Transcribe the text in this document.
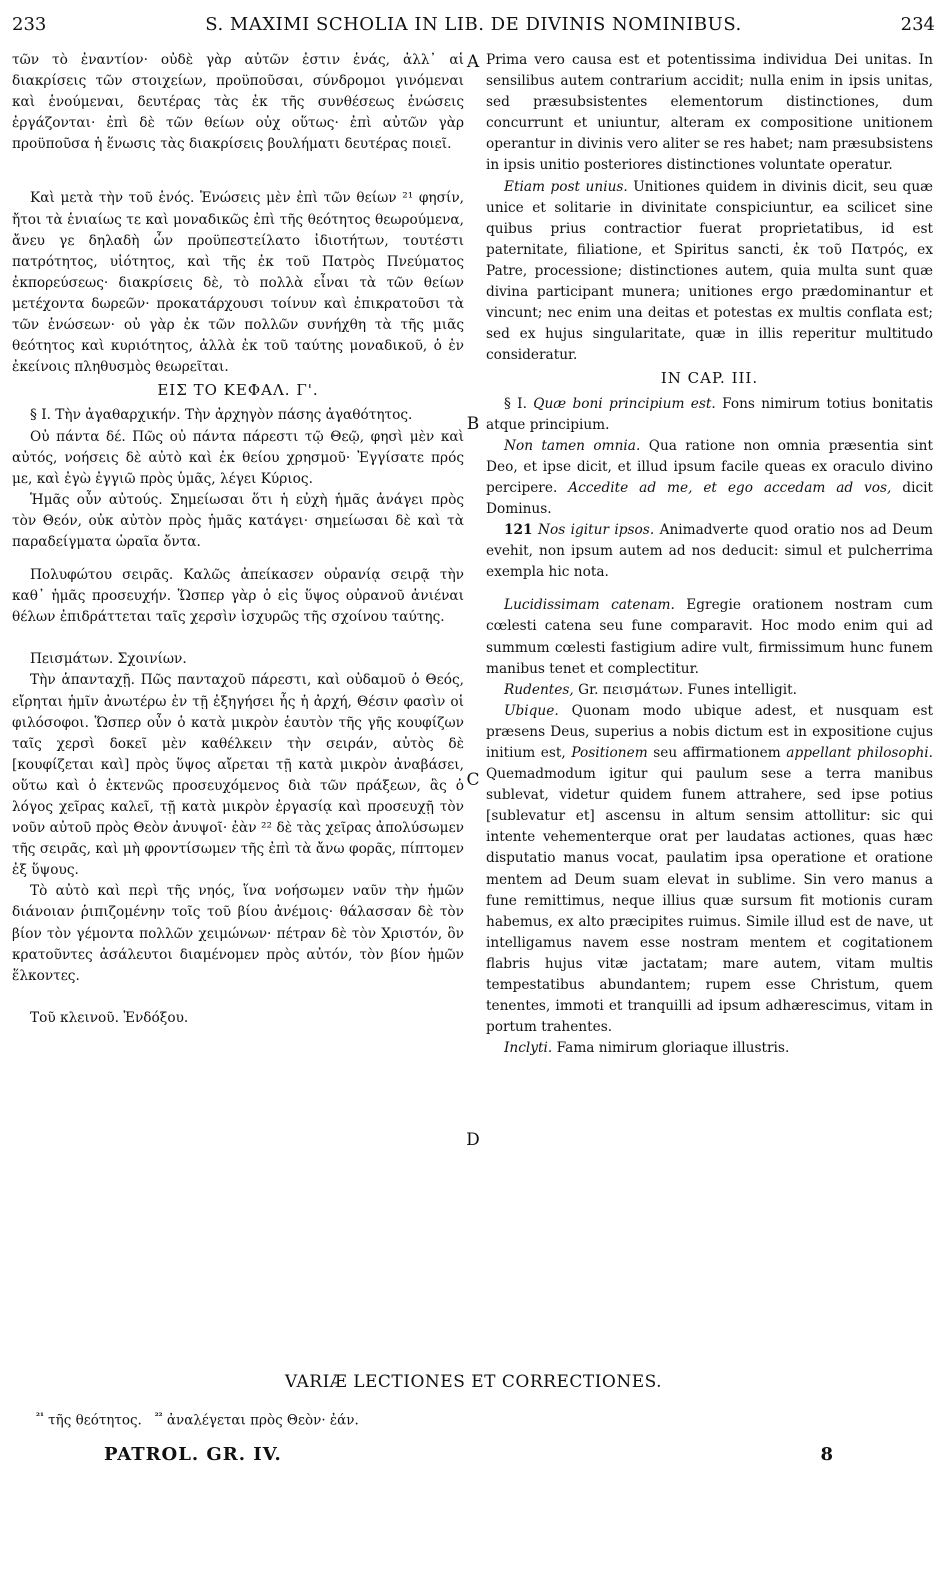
233	S. MAXIMI SCHOLIA IN LIB. DE DIVINIS NOMINIBUS.	234

τῶν τὸ ἐναντίον· οὐδὲ γὰρ αὐτῶν ἐστιν ἑνάς, ἀλλ᾿ αἱ διακρίσεις τῶν στοιχείων, προϋποῦσαι, σύνδρομοι γινόμεναι καὶ ἑνούμεναι, δευτέρας τὰς ἐκ τῆς συνθέσεως ἑνώσεις ἐργάζονται· ἐπὶ δὲ τῶν θείων οὐχ οὕτως· ἐπὶ αὐτῶν γὰρ προϋποῦσα ἡ ἕνωσις τὰς διακρίσεις βουλήματι δευτέρας ποιεῖ.

Καὶ μετὰ τὴν τοῦ ἑνός. Ἑνώσεις μὲν ἐπὶ τῶν θείων ²¹ φησίν, ἤτοι τὰ ἑνιαίως τε καὶ μοναδικῶς ἐπὶ τῆς θεότητος θεωρούμενα, ἄνευ γε δηλαδὴ ὧν προϋπεστείλατο ἰδιοτήτων, τουτέστι πατρότητος, υἱότητος, καὶ τῆς ἐκ τοῦ Πατρὸς Πνεύματος ἐκπορεύσεως· διακρίσεις δὲ, τὸ πολλὰ εἶναι τὰ τῶν θείων μετέχοντα δωρεῶν· προκατάρχουσι τοίνυν καὶ ἐπικρατοῦσι τὰ τῶν ἑνώσεων· οὐ γὰρ ἐκ τῶν πολλῶν συνήχθη τὰ τῆς μιᾶς θεότητος καὶ κυριότητος, ἀλλὰ ἐκ τοῦ ταύτης μοναδικοῦ, ὁ ἐν ἐκείνοις πληθυσμὸς θεωρεῖται.

ΕΙΣ ΤΟ ΚΕΦΑΛ. Γ'.

§ Ι. Τὴν ἀγαθαρχικήν. Τὴν ἀρχηγὸν πάσης ἀγαθότητος.

Οὐ πάντα δέ. Πῶς οὐ πάντα πάρεστι τῷ Θεῷ, φησὶ μὲν καὶ αὐτός, νοήσεις δὲ αὐτὸ καὶ ἐκ θείου χρησμοῦ· Ἐγγίσατε πρός με, καὶ ἐγὼ ἐγγιῶ πρὸς ὑμᾶς, λέγει Κύριος.

Ἡμᾶς οὖν αὐτούς. Σημείωσαι ὅτι ἡ εὐχὴ ἡμᾶς ἀνάγει πρὸς τὸν Θεόν, οὐκ αὐτὸν πρὸς ἡμᾶς κατάγει· σημείωσαι δὲ καὶ τὰ παραδείγματα ὡραῖα ὄντα.

Πολυφώτου σειρᾶς. Καλῶς ἀπείκασεν οὐρανίᾳ σειρᾷ τὴν καθ᾿ ἡμᾶς προσευχήν. Ὥσπερ γὰρ ὁ εἰς ὕψος οὐρανοῦ ἀνιέναι θέλων ἐπιδράττεται ταῖς χερσὶν ἰσχυρῶς τῆς σχοίνου ταύτης.

Πεισμάτων. Σχοινίων.

Τὴν ἁπανταχῇ. Πῶς πανταχοῦ πάρεστι, καὶ οὐδαμοῦ ὁ Θεός, εἴρηται ἡμῖν ἀνωτέρω ἐν τῇ ἐξηγήσει ἧς ἡ ἀρχή, Θέσιν φασὶν οἱ φιλόσοφοι. Ὥσπερ οὖν ὁ κατὰ μικρὸν ἑαυτὸν τῆς γῆς κουφίζων ταῖς χερσὶ δοκεῖ μὲν καθέλκειν τὴν σειράν, αὐτὸς δὲ [κουφίζεται καὶ] πρὸς ὕψος αἴρεται τῇ κατὰ μικρὸν ἀναβάσει, οὕτω καὶ ὁ ἐκτενῶς προσευχόμενος διὰ τῶν πράξεων, ἃς ὁ λόγος χεῖρας καλεῖ, τῇ κατὰ μικρὸν ἐργασίᾳ καὶ προσευχῇ τὸν νοῦν αὐτοῦ πρὸς Θεὸν ἀνυψοῖ· ἐὰν ²² δὲ τὰς χεῖρας ἀπολύσωμεν τῆς σειρᾶς, καὶ μὴ φροντίσωμεν τῆς ἐπὶ τὰ ἄνω φορᾶς, πίπτομεν ἐξ ὕψους.

Τὸ αὐτὸ καὶ περὶ τῆς νηός, ἵνα νοήσωμεν ναῦν τὴν ἡμῶν διάνοιαν ῥιπιζομένην τοῖς τοῦ βίου ἀνέμοις· θάλασσαν δὲ τὸν βίον τὸν γέμοντα πολλῶν χειμώνων· πέτραν δὲ τὸν Χριστόν, ὃν κρατοῦντες ἀσάλευτοι διαμένομεν πρὸς αὐτόν, τὸν βίον ἡμῶν ἕλκοντες.

Τοῦ κλεινοῦ. Ἐνδόξου.

A
B
C
D

Prima vero causa est et potentissima individua Dei unitas. In sensilibus autem contrarium accidit; nulla enim in ipsis unitas, sed præsubsistentes elementorum distinctiones, dum concurrunt et uniuntur, alteram ex compositione unitionem operantur in divinis vero aliter se res habet; nam præsubsistens in ipsis unitio posteriores distinctiones voluntate operatur.

Etiam post unius. Unitiones quidem in divinis dicit, seu quæ unice et solitarie in divinitate conspiciuntur, ea scilicet sine quibus prius contractior fuerat proprietatibus, id est paternitate, filiatione, et Spiritus sancti, ἐκ τοῦ Πατρός, ex Patre, processione; distinctiones autem, quia multa sunt quæ divina participant munera; unitiones ergo prædominantur et vincunt; nec enim una deitas et potestas ex multis conflata est; sed ex hujus singularitate, quæ in illis reperitur multitudo consideratur.

IN CAP. III.

§ I. Quæ boni principium est. Fons nimirum totius bonitatis atque principium.

Non tamen omnia. Qua ratione non omnia præsentia sint Deo, et ipse dicit, et illud ipsum facile queas ex oraculo divino percipere. Accedite ad me, et ego accedam ad vos, dicit Dominus.

121 Nos igitur ipsos. Animadverte quod oratio nos ad Deum evehit, non ipsum autem ad nos deducit: simul et pulcherrima exempla hic nota.

Lucidissimam catenam. Egregie orationem nostram cum cœlesti catena seu fune comparavit. Hoc modo enim qui ad summum cœlesti fastigium adire vult, firmissimum hunc funem manibus tenet et complectitur.

Rudentes, Gr. πεισμάτων. Funes intelligit.

Ubique. Quonam modo ubique adest, et nusquam est præsens Deus, superius a nobis dictum est in expositione cujus initium est, Positionem seu affirmationem appellant philosophi. Quemadmodum igitur qui paulum sese a terra manibus sublevat, videtur quidem funem attrahere, sed ipse potius [sublevatur et] ascensu in altum sensim attollitur: sic qui intente vehementerque orat per laudatas actiones, quas hæc disputatio manus vocat, paulatim ipsa operatione et oratione mentem ad Deum suam elevat in sublime. Sin vero manus a fune remittimus, neque illius quæ sursum fit motionis curam habemus, ex alto præcipites ruimus. Simile illud est de nave, ut intelligamus navem esse nostram mentem et cogitationem flabris hujus vitæ jactatam; mare autem, vitam multis tempestatibus abundantem; rupem esse Christum, quem tenentes, immoti et tranquilli ad ipsum adhærescimus, vitam in portum trahentes.

Inclyti. Fama nimirum gloriaque illustris.

VARIÆ LECTIONES ET CORRECTIONES.
$^{^{21}}$ τῆς θεότητος. $^{^{22}}$ ἀναλέγεται πρὸς Θεὸν· ἐάν.
PATROL. GR. IV.	8
